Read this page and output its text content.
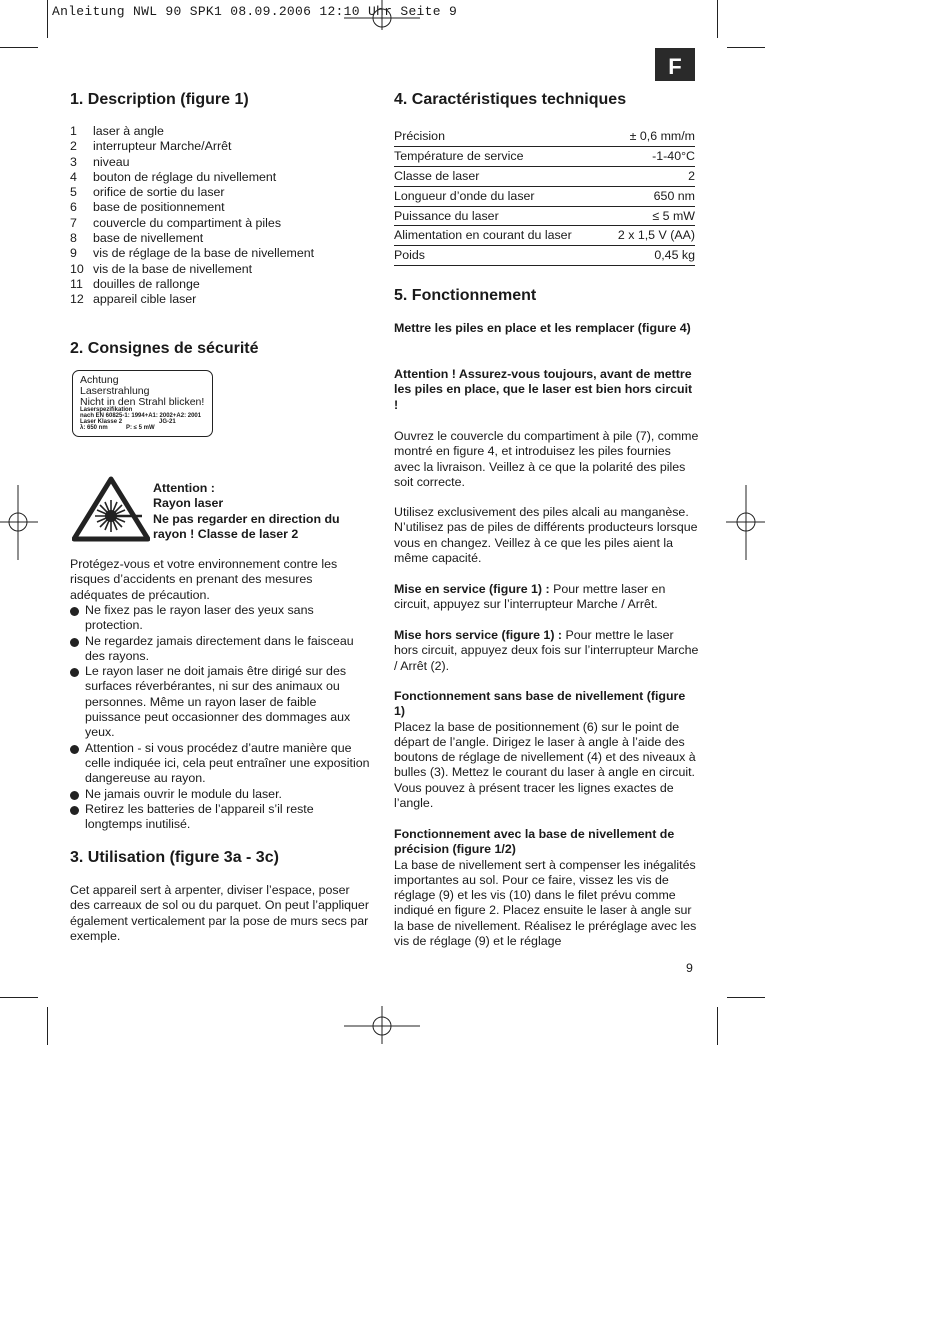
Anleitung NWL 90 SPK1 08.09.2006 12:10 Uhr Seite 9
F
1. Description (figure 1)
1	laser à angle
2	interrupteur Marche/Arrêt
3	niveau
4	bouton de réglage du nivellement
5	orifice de sortie du laser
6	base de positionnement
7	couvercle du compartiment à piles
8	base de nivellement
9	vis de réglage de la base de nivellement
10 vis de la base de nivellement
11 douilles de rallonge
12 appareil cible laser
2. Consignes de sécurité
Achtung
Laserstrahlung
Nicht in den Strahl blicken!
Laserspezifikation
nach EN 60825-1: 1994+A1: 2002+A2: 2001
Laser Klasse 2	JG-21
λ: 650 nm	P: ≤ 5 mW
Attention :
Rayon laser
Ne pas regarder en direction du
rayon ! Classe de laser 2
Protégez-vous et votre environnement contre les risques d’accidents en prenant des mesures adéquates de précaution.
Ne fixez pas le rayon laser des yeux sans protection.
Ne regardez jamais directement dans le faisceau des rayons.
Le rayon laser ne doit jamais être dirigé sur des surfaces réverbérantes, ni sur des animaux ou personnes. Même un rayon laser de faible puissance peut occasionner des dommages aux yeux.
Attention - si vous procédez d’autre manière que celle indiquée ici, cela peut entraîner une exposition dangereuse au rayon.
Ne jamais ouvrir le module du laser.
Retirez les batteries de l’appareil s’il reste longtemps inutilisé.
3. Utilisation (figure 3a - 3c)
Cet appareil sert à arpenter, diviser l’espace, poser des carreaux de sol ou du parquet. On peut l’appliquer également verticalement par la pose de murs secs par exemple.
4. Caractéristiques techniques
Précision	± 0,6 mm/m
Température de service	-1-40°C
Classe de laser	2
Longueur d’onde du laser	650 nm
Puissance du laser	≤ 5 mW
Alimentation en courant du laser	2 x 1,5 V (AA)
Poids	0,45 kg
5. Fonctionnement
Mettre les piles en place et les remplacer (figure 4)
Attention ! Assurez-vous toujours, avant de mettre les piles en place, que le laser est bien hors circuit !
Ouvrez le couvercle du compartiment à pile (7), comme montré en figure 4, et introduisez les piles fournies avec la livraison. Veillez à ce que la polarité des piles soit correcte.
Utilisez exclusivement des piles alcali au manganèse. N’utilisez pas de piles de différents producteurs lorsque vous en changez. Veillez à ce que les piles aient la même capacité.
Mise en service (figure 1) : Pour mettre laser en circuit, appuyez sur l’interrupteur Marche / Arrêt.
Mise hors service (figure 1) : Pour mettre le laser hors circuit, appuyez deux fois sur l’interrupteur Marche / Arrêt (2).
Fonctionnement sans base de nivellement (figure 1)
Placez la base de positionnement (6) sur le point de départ de l’angle. Dirigez le laser à angle à l’aide des boutons de réglage de nivellement (4) et des niveaux à bulles (3). Mettez le courant du laser à angle en circuit. Vous pouvez à présent tracer les lignes exactes de l’angle.
Fonctionnement avec la base de nivellement de précision (figure 1/2)
La base de nivellement sert à compenser les inégalités importantes au sol. Pour ce faire, vissez les vis de réglage (9) et les vis (10) dans le filet prévu comme indiqué en figure 2. Placez ensuite le laser à angle sur la base de nivellement. Réalisez le préréglage avec les vis de réglage (9) et le réglage
9
